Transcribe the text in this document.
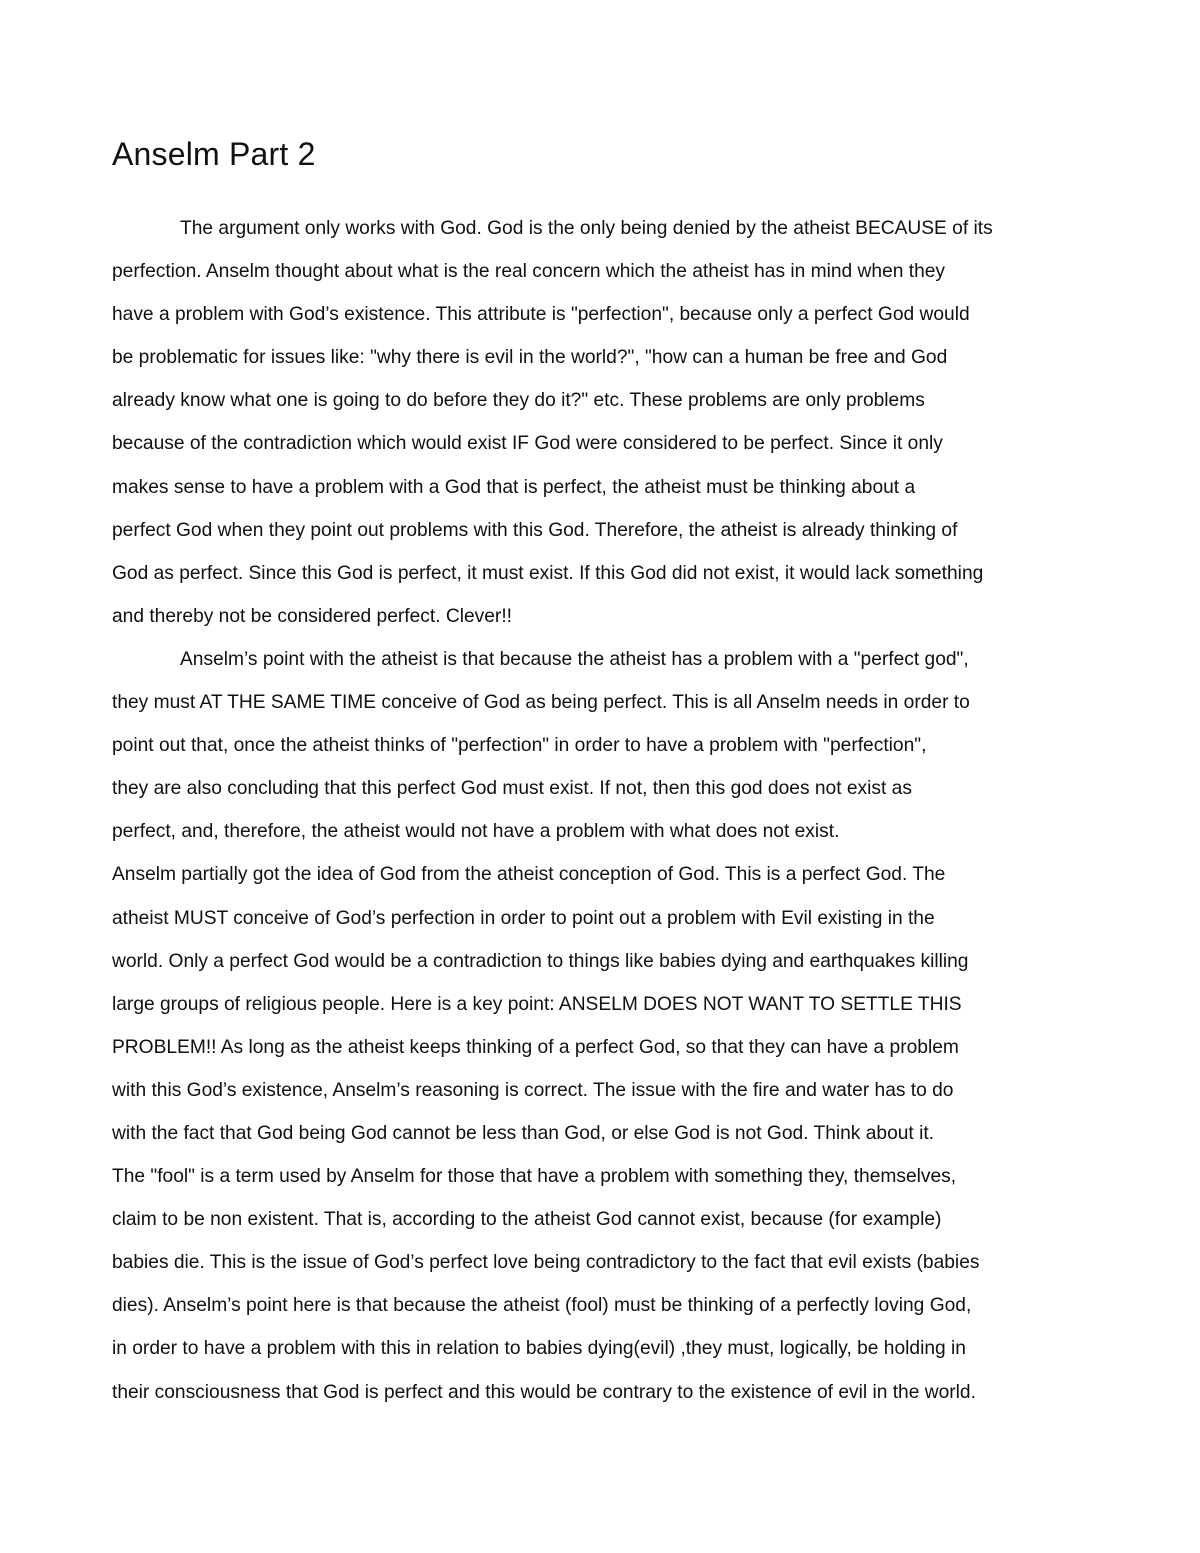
Anselm Part 2
The argument only works with God. God is the only being denied by the atheist BECAUSE of its
perfection. Anselm thought about what is the real concern which the atheist has in mind when they
have a problem with God’s existence. This attribute is "perfection", because only a perfect God would
be problematic for issues like: "why there is evil in the world?", "how can a human be free and God
already know what one is going to do before they do it?" etc. These problems are only problems
because of the contradiction which would exist IF God were considered to be perfect. Since it only
makes sense to have a problem with a God that is perfect, the atheist must be thinking about a
perfect God when they point out problems with this God. Therefore, the atheist is already thinking of
God as perfect. Since this God is perfect, it must exist. If this God did not exist, it would lack something
and thereby not be considered perfect. Clever!!
Anselm’s point with the atheist is that because the atheist has a problem with a "perfect god",
they must AT THE SAME TIME conceive of God as being perfect. This is all Anselm needs in order to
point out that, once the atheist thinks of "perfection" in order to have a problem with "perfection",
they are also concluding that this perfect God must exist. If not, then this god does not exist as
perfect, and, therefore, the atheist would not have a problem with what does not exist.
Anselm partially got the idea of God from the atheist conception of God. This is a perfect God. The
atheist MUST conceive of God’s perfection in order to point out a problem with Evil existing in the
world. Only a perfect God would be a contradiction to things like babies dying and earthquakes killing
large groups of religious people. Here is a key point: ANSELM DOES NOT WANT TO SETTLE THIS
PROBLEM!! As long as the atheist keeps thinking of a perfect God, so that they can have a problem
with this God’s existence, Anselm’s reasoning is correct. The issue with the fire and water has to do
with the fact that God being God cannot be less than God, or else God is not God. Think about it.
The "fool" is a term used by Anselm for those that have a problem with something they, themselves,
claim to be non existent. That is, according to the atheist God cannot exist, because (for example)
babies die. This is the issue of God’s perfect love being contradictory to the fact that evil exists (babies
dies). Anselm’s point here is that because the atheist (fool) must be thinking of a perfectly loving God,
in order to have a problem with this in relation to babies dying(evil) ,they must, logically, be holding in
their consciousness that God is perfect and this would be contrary to the existence of evil in the world.
